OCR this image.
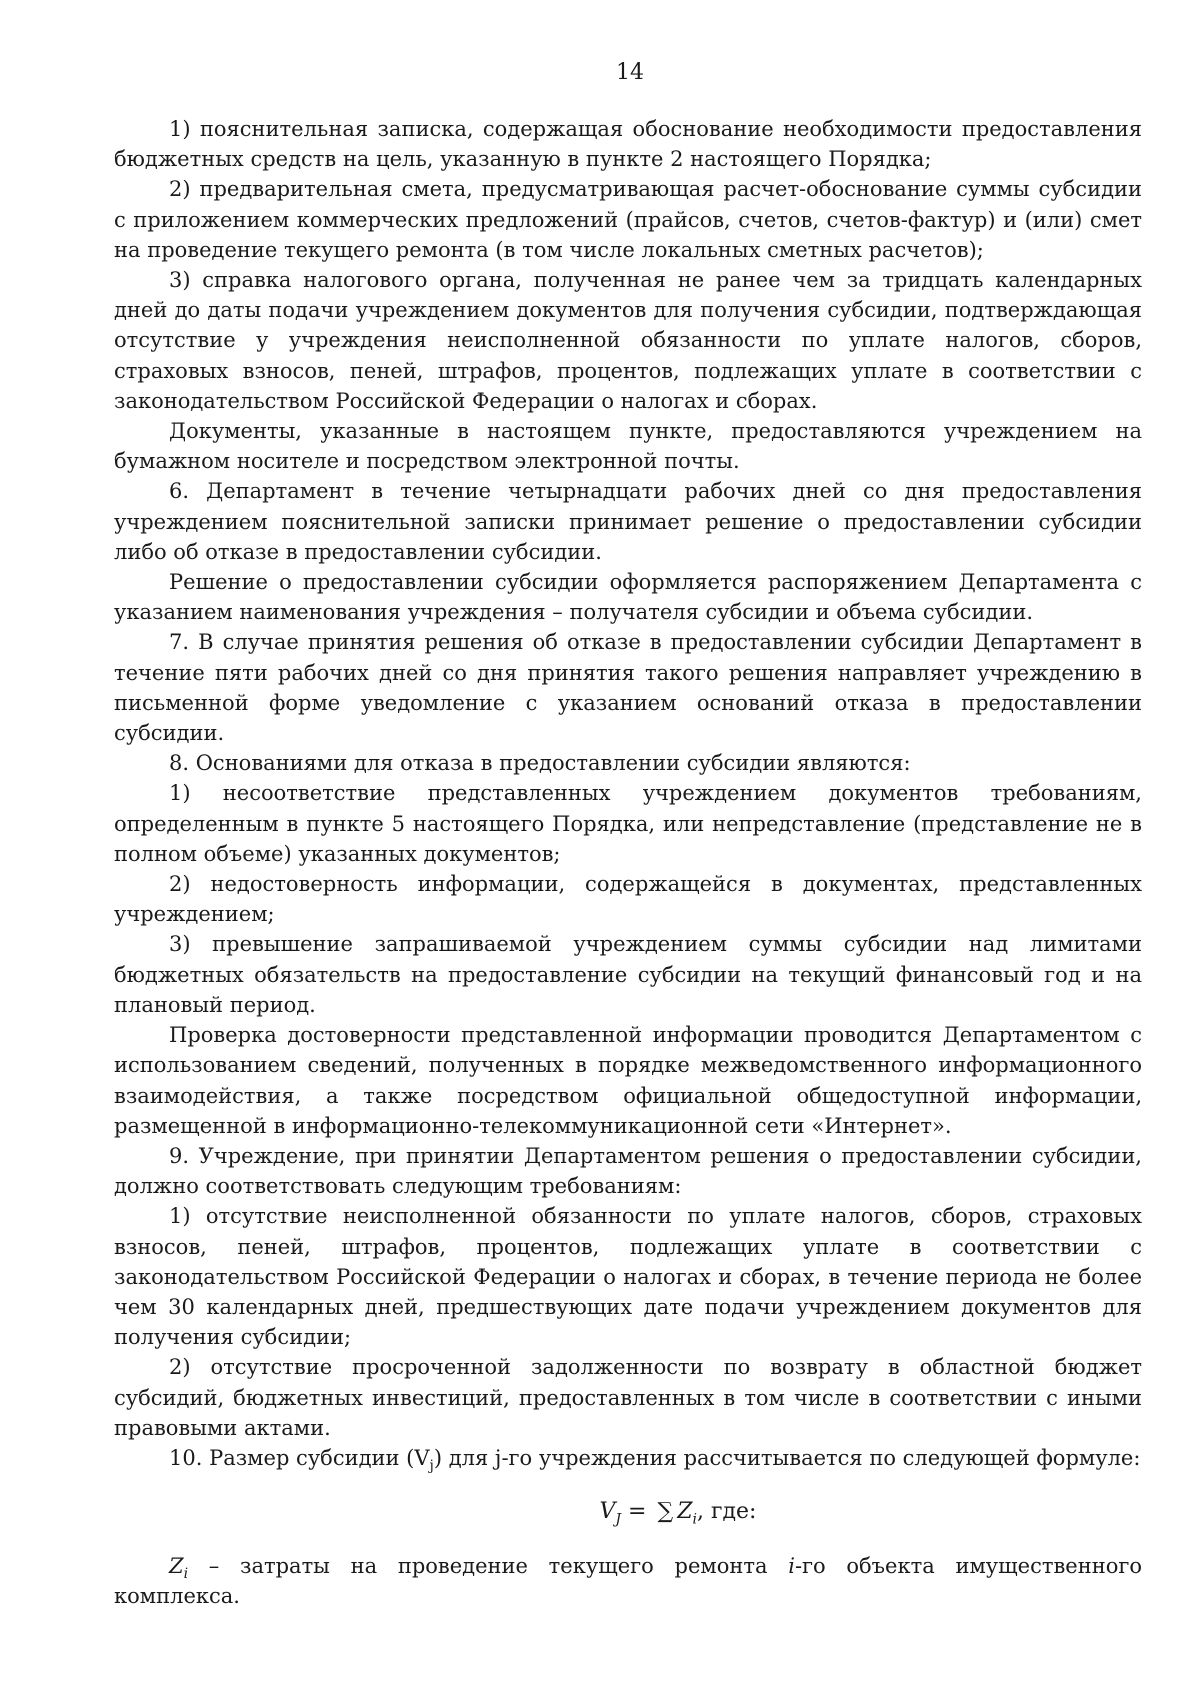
14

1) пояснительная записка, содержащая обоснование необходимости предоставления бюджетных средств на цель, указанную в пункте 2 настоящего Порядка;

2) предварительная смета, предусматривающая расчет-обоснование суммы субсидии с приложением коммерческих предложений (прайсов, счетов, счетов-фактур) и (или) смет на проведение текущего ремонта (в том числе локальных сметных расчетов);

3) справка налогового органа, полученная не ранее чем за тридцать календарных дней до даты подачи учреждением документов для получения субсидии, подтверждающая отсутствие у учреждения неисполненной обязанности по уплате налогов, сборов, страховых взносов, пеней, штрафов, процентов, подлежащих уплате в соответствии с законодательством Российской Федерации о налогах и сборах.

Документы, указанные в настоящем пункте, предоставляются учреждением на бумажном носителе и посредством электронной почты.

6. Департамент в течение четырнадцати рабочих дней со дня предоставления учреждением пояснительной записки принимает решение о предоставлении субсидии либо об отказе в предоставлении субсидии.

Решение о предоставлении субсидии оформляется распоряжением Департамента с указанием наименования учреждения – получателя субсидии и объема субсидии.

7. В случае принятия решения об отказе в предоставлении субсидии Департамент в течение пяти рабочих дней со дня принятия такого решения направляет учреждению в письменной форме уведомление с указанием оснований отказа в предоставлении субсидии.

8. Основаниями для отказа в предоставлении субсидии являются:

1) несоответствие представленных учреждением документов требованиям, определенным в пункте 5 настоящего Порядка, или непредставление (представление не в полном объеме) указанных документов;

2) недостоверность информации, содержащейся в документах, представленных учреждением;

3) превышение запрашиваемой учреждением суммы субсидии над лимитами бюджетных обязательств на предоставление субсидии на текущий финансовый год и на плановый период.

Проверка достоверности представленной информации проводится Департаментом с использованием сведений, полученных в порядке межведомственного информационного взаимодействия, а также посредством официальной общедоступной информации, размещенной в информационно-телекоммуникационной сети «Интернет».

9. Учреждение, при принятии Департаментом решения о предоставлении субсидии, должно соответствовать следующим требованиям:

1) отсутствие неисполненной обязанности по уплате налогов, сборов, страховых взносов, пеней, штрафов, процентов, подлежащих уплате в соответствии с законодательством Российской Федерации о налогах и сборах, в течение периода не более чем 30 календарных дней, предшествующих дате подачи учреждением документов для получения субсидии;

2) отсутствие просроченной задолженности по возврату в областной бюджет субсидий, бюджетных инвестиций, предоставленных в том числе в соответствии с иными правовыми актами.

10. Размер субсидии $(V_j)$ для j-го учреждения рассчитывается по следующей формуле:

$V_J$ = ∑ $Z_i$, где:

$Z_i$ – затраты на проведение текущего ремонта i-го объекта имущественного комплекса.
